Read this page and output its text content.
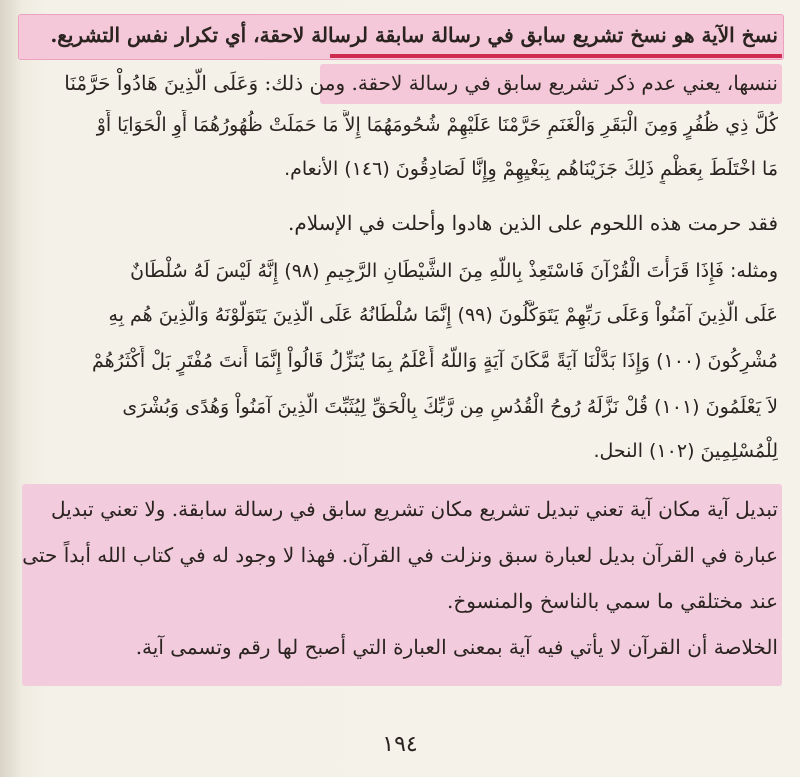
نسخ الآية هو نسخ تشريع سابق في رسالة سابقة لرسالة لاحقة، أي تكرار نفس التشريع.
ننسها، يعني عدم ذكر تشريع سابق في رسالة لاحقة. ومن ذلك: وَعَلَى الَّذِينَ هَادُواْ حَرَّمْنَا
كُلَّ ذِي ظُفُرٍ وَمِنَ الْبَقَرِ وَالْغَنَمِ حَرَّمْنَا عَلَيْهِمْ شُحُومَهُمَا إِلاَّ مَا حَمَلَتْ ظُهُورُهُمَا أَوِ الْحَوَايَا أَوْ
مَا اخْتَلَطَ بِعَظْمٍ ذَلِكَ جَزَيْنَاهُم بِبَغْيِهِمْ وِإِنَّا لَصَادِقُونَ (١٤٦) الأنعام.
فقد حرمت هذه اللحوم على الذين هادوا وأحلت في الإسلام.
ومثله: فَإِذَا قَرَأْتَ الْقُرْآنَ فَاسْتَعِذْ بِاللّهِ مِنَ الشَّيْطَانِ الرَّجِيمِ (٩٨) إِنَّهُ لَيْسَ لَهُ سُلْطَانٌ
عَلَى الَّذِينَ آمَنُواْ وَعَلَى رَبِّهِمْ يَتَوَكَّلُونَ (٩٩) إِنَّمَا سُلْطَانُهُ عَلَى الَّذِينَ يَتَوَلَّوْنَهُ وَالَّذِينَ هُم بِهِ
مُشْرِكُونَ (١٠٠) وَإِذَا بَدَّلْنَا آيَةً مَّكَانَ آيَةٍ وَاللّهُ أَعْلَمُ بِمَا يُنَزِّلُ قَالُواْ إِنَّمَا أَنتَ مُفْتَرٍ بَلْ أَكْثَرُهُمْ
لاَ يَعْلَمُونَ (١٠١) قُلْ نَزَّلَهُ رُوحُ الْقُدُسِ مِن رَّبِّكَ بِالْحَقِّ لِيُثَبِّتَ الَّذِينَ آمَنُواْ وَهُدًى وَبُشْرَى
لِلْمُسْلِمِينَ (١٠٢) النحل.
تبديل آية مكان آية تعني تبديل تشريع مكان تشريع سابق في رسالة سابقة. ولا تعني تبديل
عبارة في القرآن بديل لعبارة سبق ونزلت في القرآن. فهذا لا وجود له في كتاب الله أبداً حتى
عند مختلقي ما سمي بالناسخ والمنسوخ.
الخلاصة أن القرآن لا يأتي فيه آية بمعنى العبارة التي أصبح لها رقم وتسمى آية.
١٩٤
